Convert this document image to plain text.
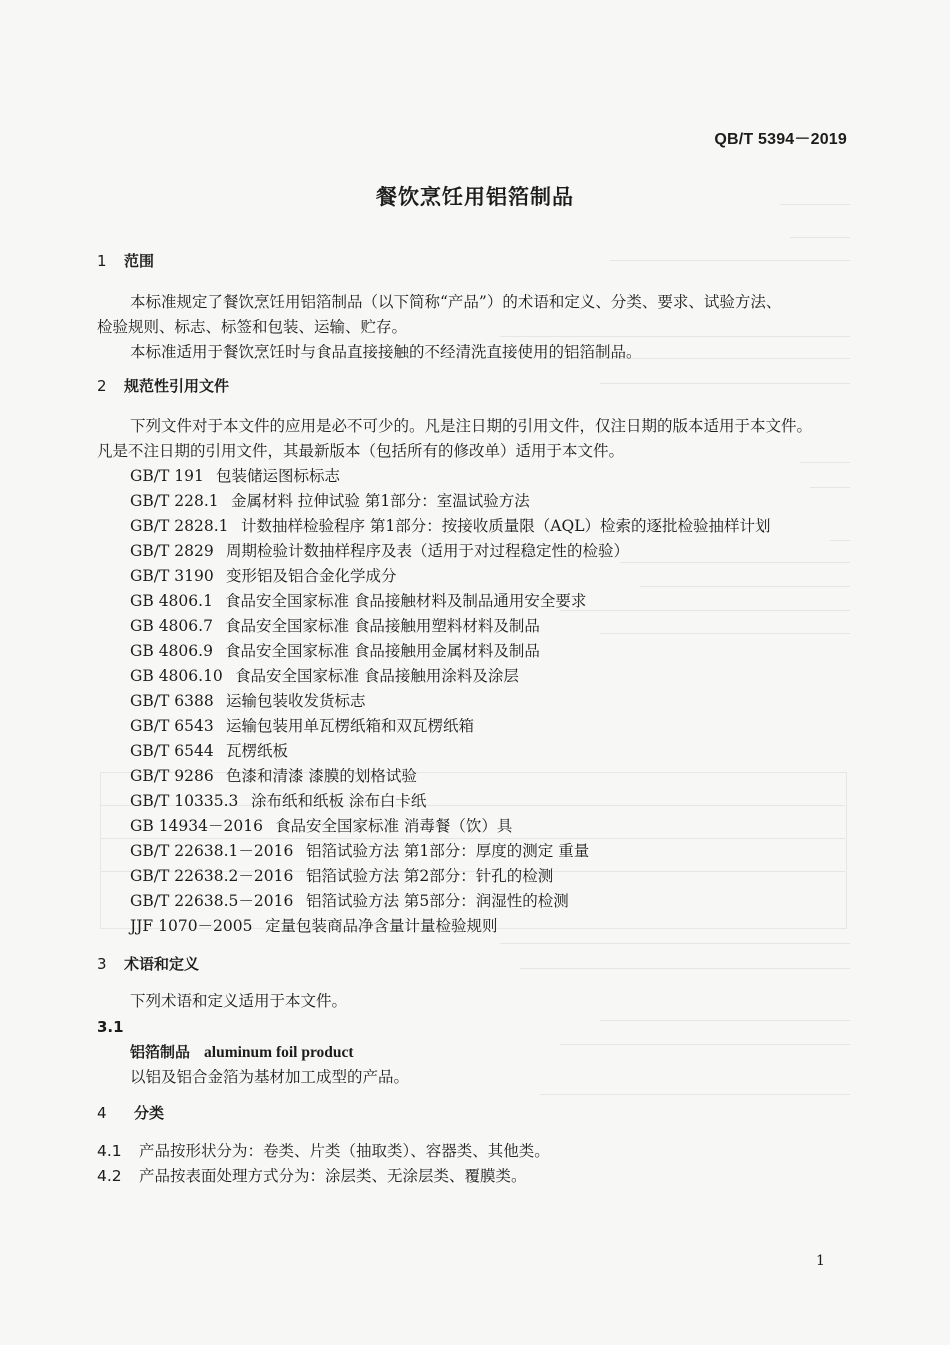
QB/T 5394－2019
餐饮烹饪用铝箔制品
1 范围
本标准规定了餐饮烹饪用铝箔制品（以下简称“产品”）的术语和定义、分类、要求、试验方法、
检验规则、标志、标签和包装、运输、贮存。
本标准适用于餐饮烹饪时与食品直接接触的不经清洗直接使用的铝箔制品。
2 规范性引用文件
下列文件对于本文件的应用是必不可少的。凡是注日期的引用文件，仅注日期的版本适用于本文件。
凡是不注日期的引用文件，其最新版本（包括所有的修改单）适用于本文件。
GB/T 191 包装储运图标标志
GB/T 228.1 金属材料 拉伸试验 第1部分：室温试验方法
GB/T 2828.1 计数抽样检验程序 第1部分：按接收质量限（AQL）检索的逐批检验抽样计划
GB/T 2829 周期检验计数抽样程序及表（适用于对过程稳定性的检验）
GB/T 3190 变形铝及铝合金化学成分
GB 4806.1 食品安全国家标准 食品接触材料及制品通用安全要求
GB 4806.7 食品安全国家标准 食品接触用塑料材料及制品
GB 4806.9 食品安全国家标准 食品接触用金属材料及制品
GB 4806.10 食品安全国家标准 食品接触用涂料及涂层
GB/T 6388 运输包装收发货标志
GB/T 6543 运输包装用单瓦楞纸箱和双瓦楞纸箱
GB/T 6544 瓦楞纸板
GB/T 9286 色漆和清漆 漆膜的划格试验
GB/T 10335.3 涂布纸和纸板 涂布白卡纸
GB 14934－2016 食品安全国家标准 消毒餐（饮）具
GB/T 22638.1－2016 铝箔试验方法 第1部分：厚度的测定 重量
GB/T 22638.2－2016 铝箔试验方法 第2部分：针孔的检测
GB/T 22638.5－2016 铝箔试验方法 第5部分：润湿性的检测
JJF 1070－2005 定量包装商品净含量计量检验规则
3 术语和定义
下列术语和定义适用于本文件。
3.1
铝箔制品 aluminum foil product
以铝及铝合金箔为基材加工成型的产品。
4 分类
4.1 产品按形状分为：卷类、片类（抽取类）、容器类、其他类。
4.2 产品按表面处理方式分为：涂层类、无涂层类、覆膜类。
1
